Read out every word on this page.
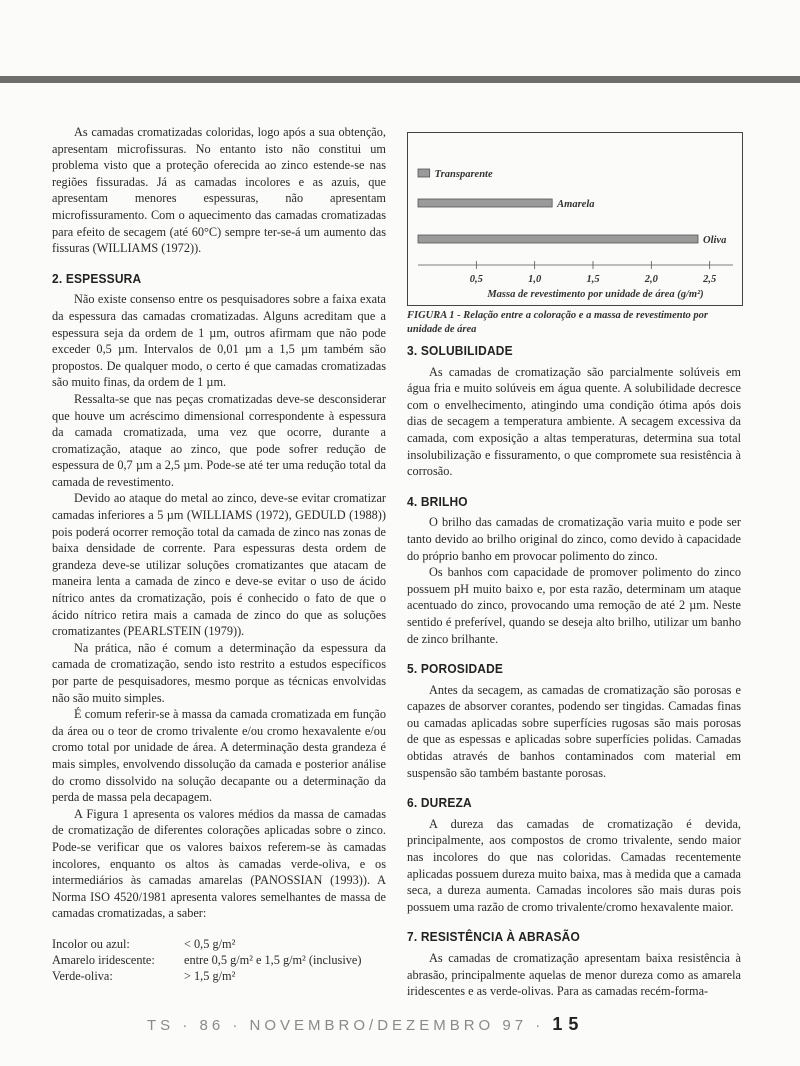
As camadas cromatizadas coloridas, logo após a sua obtenção, apresentam microfissuras. No entanto isto não constitui um problema visto que a proteção oferecida ao zinco estende-se nas regiões fissuradas. Já as camadas incolores e as azuis, que apresentam menores espessuras, não apresentam microfissuramento. Com o aquecimento das camadas cromatizadas para efeito de secagem (até 60°C) sempre ter-se-á um aumento das fissuras (WILLIAMS (1972)).

2. ESPESSURA

Não existe consenso entre os pesquisadores sobre a faixa exata da espessura das camadas cromatizadas. Alguns acreditam que a espessura seja da ordem de 1 µm, outros afirmam que não pode exceder 0,5 µm. Intervalos de 0,01 µm a 1,5 µm também são propostos. De qualquer modo, o certo é que camadas cromatizadas são muito finas, da ordem de 1 µm.

Ressalta-se que nas peças cromatizadas deve-se desconsiderar que houve um acréscimo dimensional correspondente à espessura da camada cromatizada, uma vez que ocorre, durante a cromatização, ataque ao zinco, que pode sofrer redução de espessura de 0,7 µm a 2,5 µm. Pode-se até ter uma redução total da camada de revestimento.

Devido ao ataque do metal ao zinco, deve-se evitar cromatizar camadas inferiores a 5 µm (WILLIAMS (1972), GEDULD (1988)) pois poderá ocorrer remoção total da camada de zinco nas zonas de baixa densidade de corrente. Para espessuras desta ordem de grandeza deve-se utilizar soluções cromatizantes que atacam de maneira lenta a camada de zinco e deve-se evitar o uso de ácido nítrico antes da cromatização, pois é conhecido o fato de que o ácido nítrico retira mais a camada de zinco do que as soluções cromatizantes (PEARLSTEIN (1979)).

Na prática, não é comum a determinação da espessura da camada de cromatização, sendo isto restrito a estudos específicos por parte de pesquisadores, mesmo porque as técnicas envolvidas não são muito simples.

É comum referir-se à massa da camada cromatizada em função da área ou o teor de cromo trivalente e/ou cromo hexavalente e/ou cromo total por unidade de área. A determinação desta grandeza é mais simples, envolvendo dissolução da camada e posterior análise do cromo dissolvido na solução decapante ou a determinação da perda de massa pela decapagem.

A Figura 1 apresenta os valores médios da massa de camadas de cromatização de diferentes colorações aplicadas sobre o zinco. Pode-se verificar que os valores baixos referem-se às camadas incolores, enquanto os altos às camadas verde-oliva, e os intermediários às camadas amarelas (PANOSSIAN (1993)). A Norma ISO 4520/1981 apresenta valores semelhantes de massa de camadas cromatizadas, a saber:

Incolor ou azul:	< 0,5 g/m²
Amarelo iridescente:	entre 0,5 g/m² e 1,5 g/m² (inclusive)
Verde-oliva:	> 1,5 g/m²
Transparente
Amarela
Oliva
0,5	1,0	1,5	2,0	2,5
Massa de revestimento por unidade de área (g/m²)
FIGURA 1 - Relação entre a coloração e a massa de revestimento por unidade de área
3. SOLUBILIDADE

As camadas de cromatização são parcialmente solúveis em água fria e muito solúveis em água quente. A solubilidade decresce com o envelhecimento, atingindo uma condição ótima após dois dias de secagem a temperatura ambiente. A secagem excessiva da camada, com exposição a altas temperaturas, determina sua total insolubilização e fissuramento, o que compromete sua resistência à corrosão.

4. BRILHO

O brilho das camadas de cromatização varia muito e pode ser tanto devido ao brilho original do zinco, como devido à capacidade do próprio banho em provocar polimento do zinco.

Os banhos com capacidade de promover polimento do zinco possuem pH muito baixo e, por esta razão, determinam um ataque acentuado do zinco, provocando uma remoção de até 2 µm. Neste sentido é preferível, quando se deseja alto brilho, utilizar um banho de zinco brilhante.

5. POROSIDADE

Antes da secagem, as camadas de cromatização são porosas e capazes de absorver corantes, podendo ser tingidas. Camadas finas ou camadas aplicadas sobre superfícies rugosas são mais porosas de que as espessas e aplicadas sobre superfícies polidas. Camadas obtidas através de banhos contaminados com material em suspensão são também bastante porosas.

6. DUREZA

A dureza das camadas de cromatização é devida, principalmente, aos compostos de cromo trivalente, sendo maior nas incolores do que nas coloridas. Camadas recentemente aplicadas possuem dureza muito baixa, mas à medida que a camada seca, a dureza aumenta. Camadas incolores são mais duras pois possuem uma razão de cromo trivalente/cromo hexavalente maior.

7. RESISTÊNCIA À ABRASÃO

As camadas de cromatização apresentam baixa resistência à abrasão, principalmente aquelas de menor dureza como as amarela iridescentes e as verde-olivas. Para as camadas recém-forma-

TS · 86 · NOVEMBRO/DEZEMBRO 97 · 15
